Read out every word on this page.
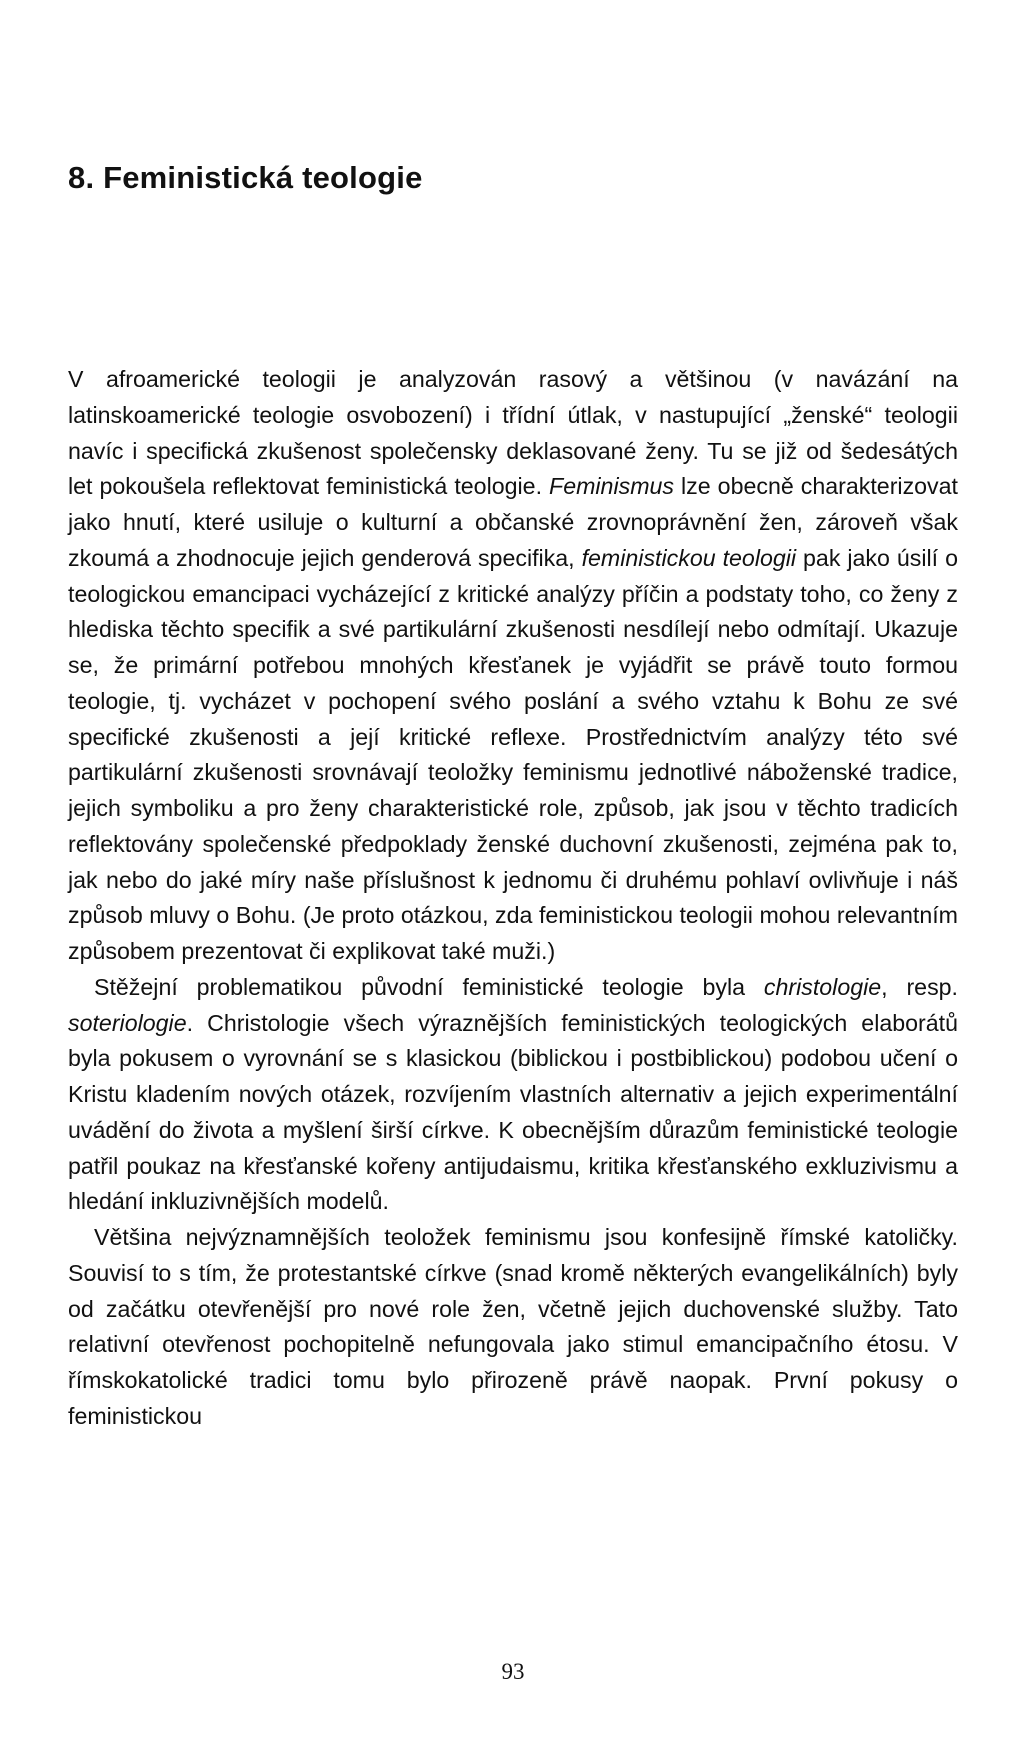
8. Feministická teologie

V afroamerické teologii je analyzován rasový a většinou (v navázání na latinskoamerické teologie osvobození) i třídní útlak, v nastupující „ženské“ teologii navíc i specifická zkušenost společensky deklasované ženy. Tu se již od šedesátých let pokoušela reflektovat feministická teologie. Feminismus lze obecně charakterizovat jako hnutí, které usiluje o kulturní a občanské zrovnoprávnění žen, zároveň však zkoumá a zhodnocuje jejich genderová specifika, feministickou teologii pak jako úsilí o teologickou emancipaci vycházející z kritické analýzy příčin a podstaty toho, co ženy z hlediska těchto specifik a své partikulární zkušenosti nesdílejí nebo odmítají. Ukazuje se, že primární potřebou mnohých křesťanek je vyjádřit se právě touto formou teologie, tj. vycházet v pochopení svého poslání a svého vztahu k Bohu ze své specifické zkušenosti a její kritické reflexe. Prostřednictvím analýzy této své partikulární zkušenosti srovnávají teoložky feminismu jednotlivé náboženské tradice, jejich symboliku a pro ženy charakteristické role, způsob, jak jsou v těchto tradicích reflektovány společenské předpoklady ženské duchovní zkušenosti, zejména pak to, jak nebo do jaké míry naše příslušnost k jednomu či druhému pohlaví ovlivňuje i náš způsob mluvy o Bohu. (Je proto otázkou, zda feministickou teologii mohou relevantním způsobem prezentovat či explikovat také muži.)

Stěžejní problematikou původní feministické teologie byla christologie, resp. soteriologie. Christologie všech výraznějších feministických teologických elaborátů byla pokusem o vyrovnání se s klasickou (biblickou i postbiblickou) podobou učení o Kristu kladením nových otázek, rozvíjením vlastních alternativ a jejich experimentální uvádění do života a myšlení širší církve. K obecnějším důrazům feministické teologie patřil poukaz na křesťanské kořeny antijudaismu, kritika křesťanského exkluzivismu a hledání inkluzivnějších modelů.

Většina nejvýznamnějších teoložek feminismu jsou konfesijně římské katoličky. Souvisí to s tím, že protestantské církve (snad kromě některých evangelikálních) byly od začátku otevřenější pro nové role žen, včetně jejich duchovenské služby. Tato relativní otevřenost pochopitelně nefungovala jako stimul emancipačního étosu. V římskokatolické tradici tomu bylo přirozeně právě naopak. První pokusy o feministickou

93
